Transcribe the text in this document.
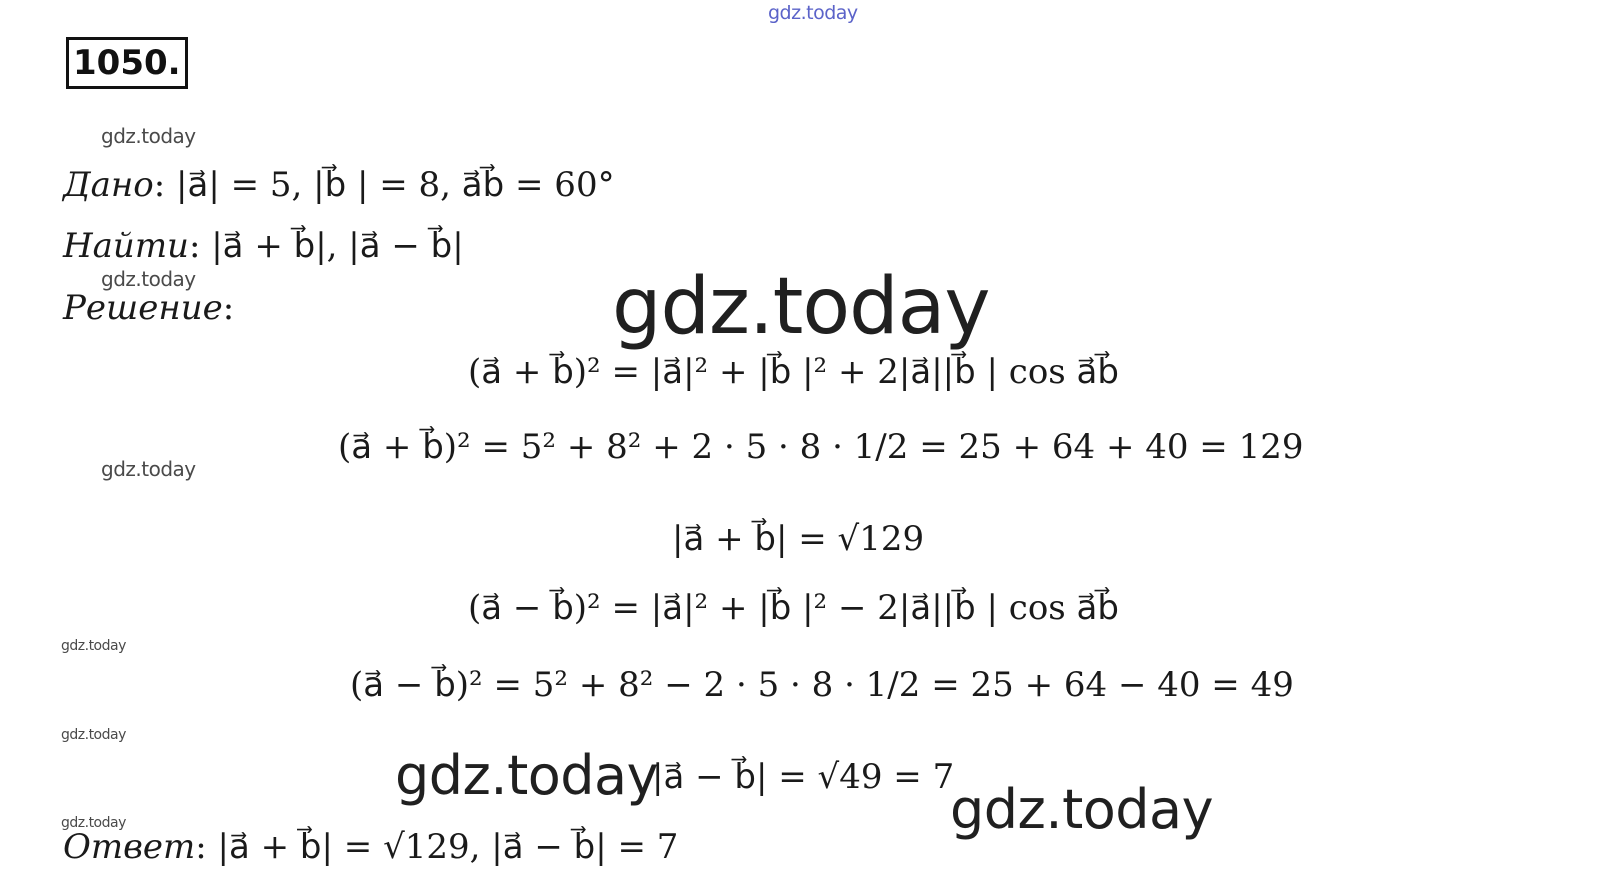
gdz.today
1050.
gdz.today
Дано: |a⃗| = 5, |b⃗ | = 8, a⃗b⃗ = 60°
Найти: |a⃗ + b⃗|, |a⃗ − b⃗|
gdz.today
Решение:	gdz.today
(a⃗ + b⃗)² = |a⃗|² + |b⃗ |² + 2|a⃗||b⃗ | cos a⃗b⃗
gdz.today
(a⃗ + b⃗)² = 5² + 8² + 2 · 5 · 8 · 1/2 = 25 + 64 + 40 = 129
|a⃗ + b⃗| = √129
gdz.today
(a⃗ − b⃗)² = |a⃗|² + |b⃗ |² − 2|a⃗||b⃗ | cos a⃗b⃗
(a⃗ − b⃗)² = 5² + 8² − 2 · 5 · 8 · 1/2 = 25 + 64 − 40 = 49
gdz.today
gdz.today
|a⃗ − b⃗| = √49 = 7
gdz.today
gdz.today
Ответ: |a⃗ + b⃗| = √129, |a⃗ − b⃗| = 7
